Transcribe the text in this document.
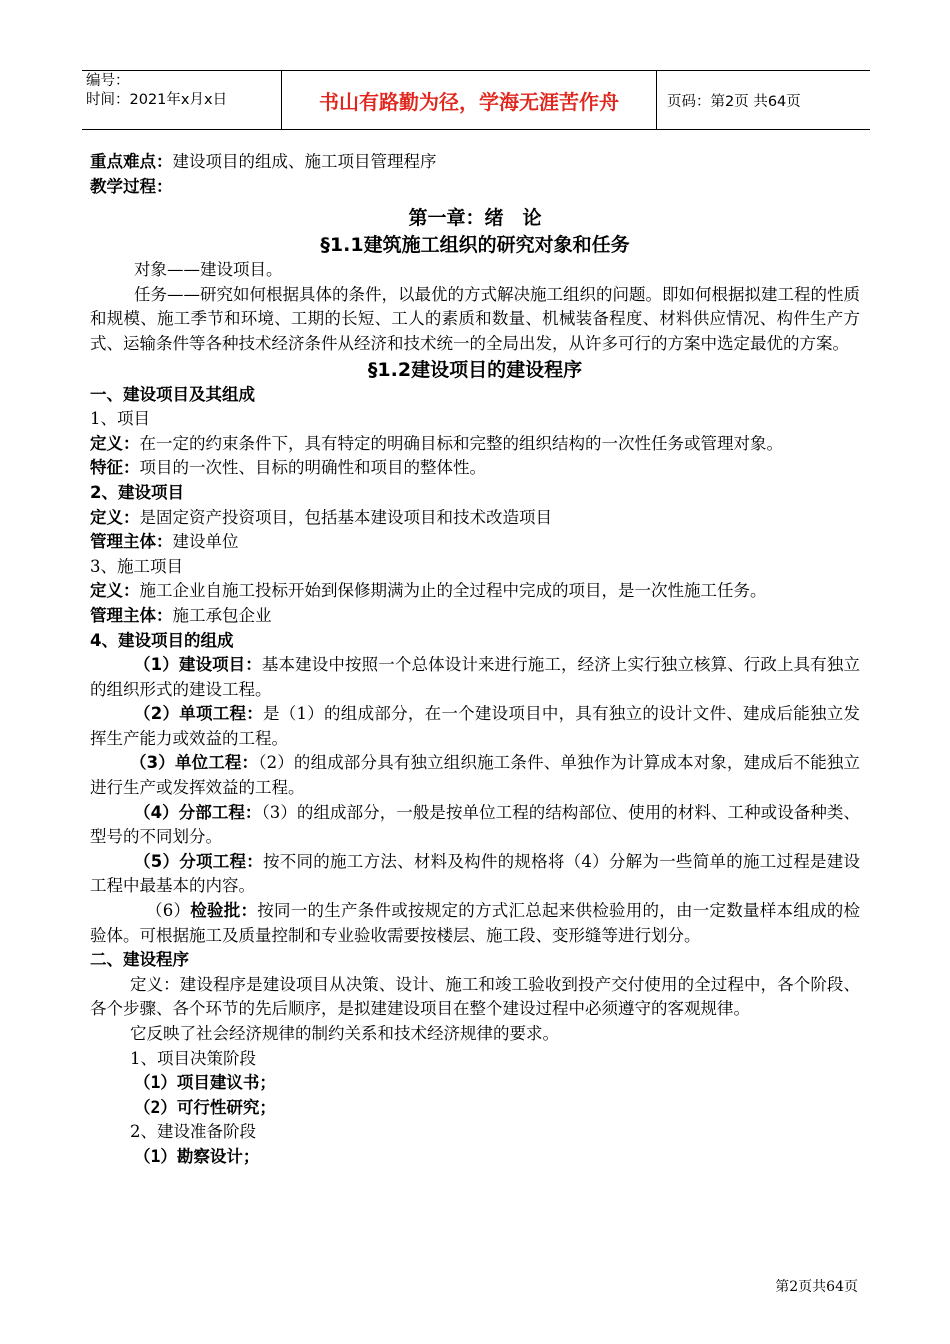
编号：
时间：2021年x月x日	书山有路勤为径，学海无涯苦作舟	页码：第2页 共64页

重点难点：建设项目的组成、施工项目管理程序

教学过程：

第一章：绪　论

§1.1建筑施工组织的研究对象和任务

对象——建设项目。

任务——研究如何根据具体的条件，以最优的方式解决施工组织的问题。即如何根据拟建工程的性质和规模、施工季节和环境、工期的长短、工人的素质和数量、机械装备程度、材料供应情况、构件生产方式、运输条件等各种技术经济条件从经济和技术统一的全局出发，从许多可行的方案中选定最优的方案。

§1.2建设项目的建设程序

一、建设项目及其组成

1、项目

定义：在一定的约束条件下，具有特定的明确目标和完整的组织结构的一次性任务或管理对象。

特征：项目的一次性、目标的明确性和项目的整体性。

2、建设项目

定义：是固定资产投资项目，包括基本建设项目和技术改造项目

管理主体：建设单位

3、施工项目

定义：施工企业自施工投标开始到保修期满为止的全过程中完成的项目，是一次性施工任务。

管理主体：施工承包企业

4、建设项目的组成

（1）建设项目：基本建设中按照一个总体设计来进行施工，经济上实行独立核算、行政上具有独立的组织形式的建设工程。

（2）单项工程：是（1）的组成部分，在一个建设项目中，具有独立的设计文件、建成后能独立发挥生产能力或效益的工程。

（3）单位工程：（2）的组成部分具有独立组织施工条件、单独作为计算成本对象，建成后不能独立进行生产或发挥效益的工程。

（4）分部工程：（3）的组成部分，一般是按单位工程的结构部位、使用的材料、工种或设备种类、型号的不同划分。

（5）分项工程：按不同的施工方法、材料及构件的规格将（4）分解为一些简单的施工过程是建设工程中最基本的内容。

（6）检验批：按同一的生产条件或按规定的方式汇总起来供检验用的，由一定数量样本组成的检验体。可根据施工及质量控制和专业验收需要按楼层、施工段、变形缝等进行划分。

二、建设程序

定义：建设程序是建设项目从决策、设计、施工和竣工验收到投产交付使用的全过程中，各个阶段、各个步骤、各个环节的先后顺序，是拟建建设项目在整个建设过程中必须遵守的客观规律。

它反映了社会经济规律的制约关系和技术经济规律的要求。

1、项目决策阶段

（1）项目建议书；

（2）可行性研究；

2、建设准备阶段

（1）勘察设计；

第2页共64页
